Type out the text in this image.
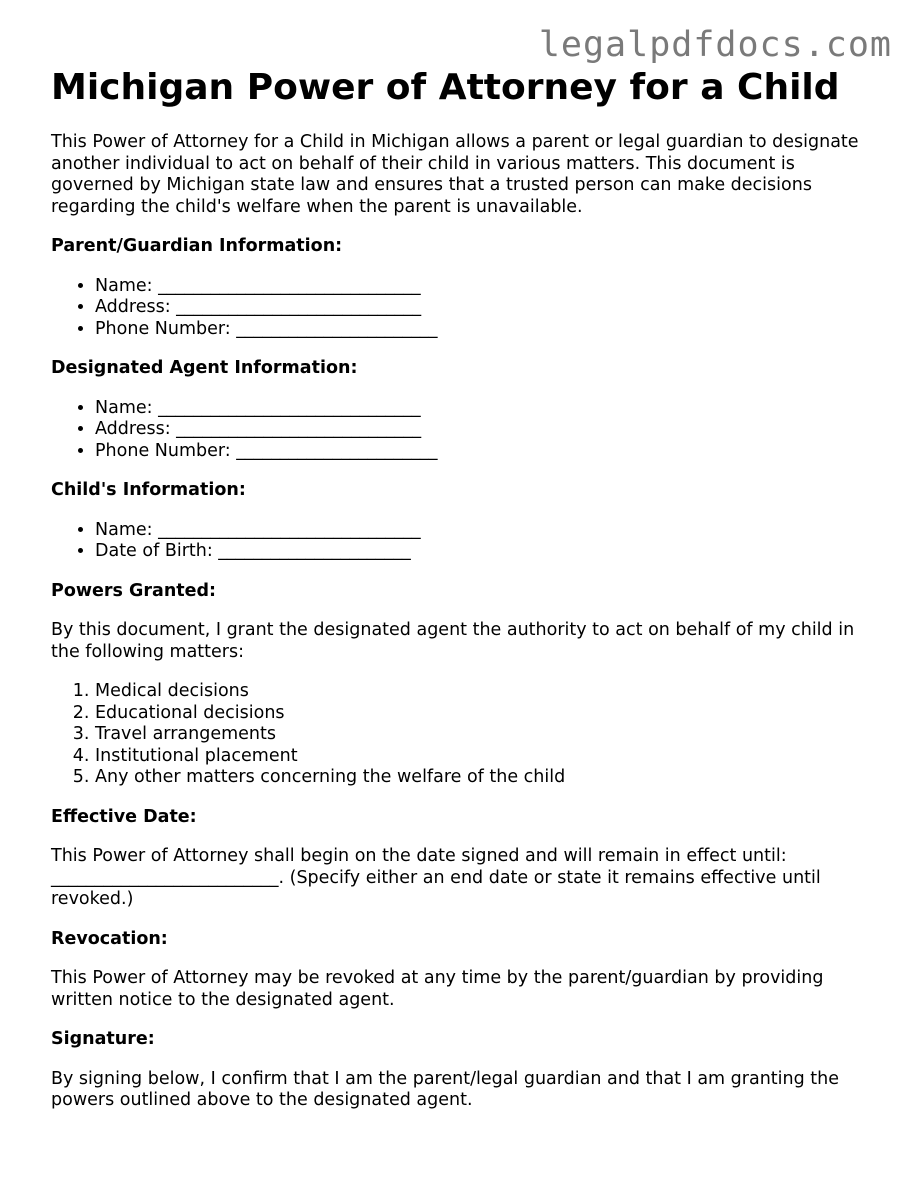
legalpdfdocs.com
Michigan Power of Attorney for a Child

This Power of Attorney for a Child in Michigan allows a parent or legal guardian to designate another individual to act on behalf of their child in various matters. This document is governed by Michigan state law and ensures that a trusted person can make decisions regarding the child's welfare when the parent is unavailable.

Parent/Guardian Information:
• Name: ______________________________
• Address: ____________________________
• Phone Number: _______________________
Designated Agent Information:
• Name: ______________________________
• Address: ____________________________
• Phone Number: _______________________
Child's Information:
• Name: ______________________________
• Date of Birth: ______________________
Powers Granted:

By this document, I grant the designated agent the authority to act on behalf of my child in the following matters:

1. Medical decisions
2. Educational decisions
3. Travel arrangements
4. Institutional placement
5. Any other matters concerning the welfare of the child
Effective Date:

This Power of Attorney shall begin on the date signed and will remain in effect until: __________________________. (Specify either an end date or state it remains effective until revoked.)

Revocation:

This Power of Attorney may be revoked at any time by the parent/guardian by providing written notice to the designated agent.

Signature:

By signing below, I confirm that I am the parent/legal guardian and that I am granting the powers outlined above to the designated agent.
